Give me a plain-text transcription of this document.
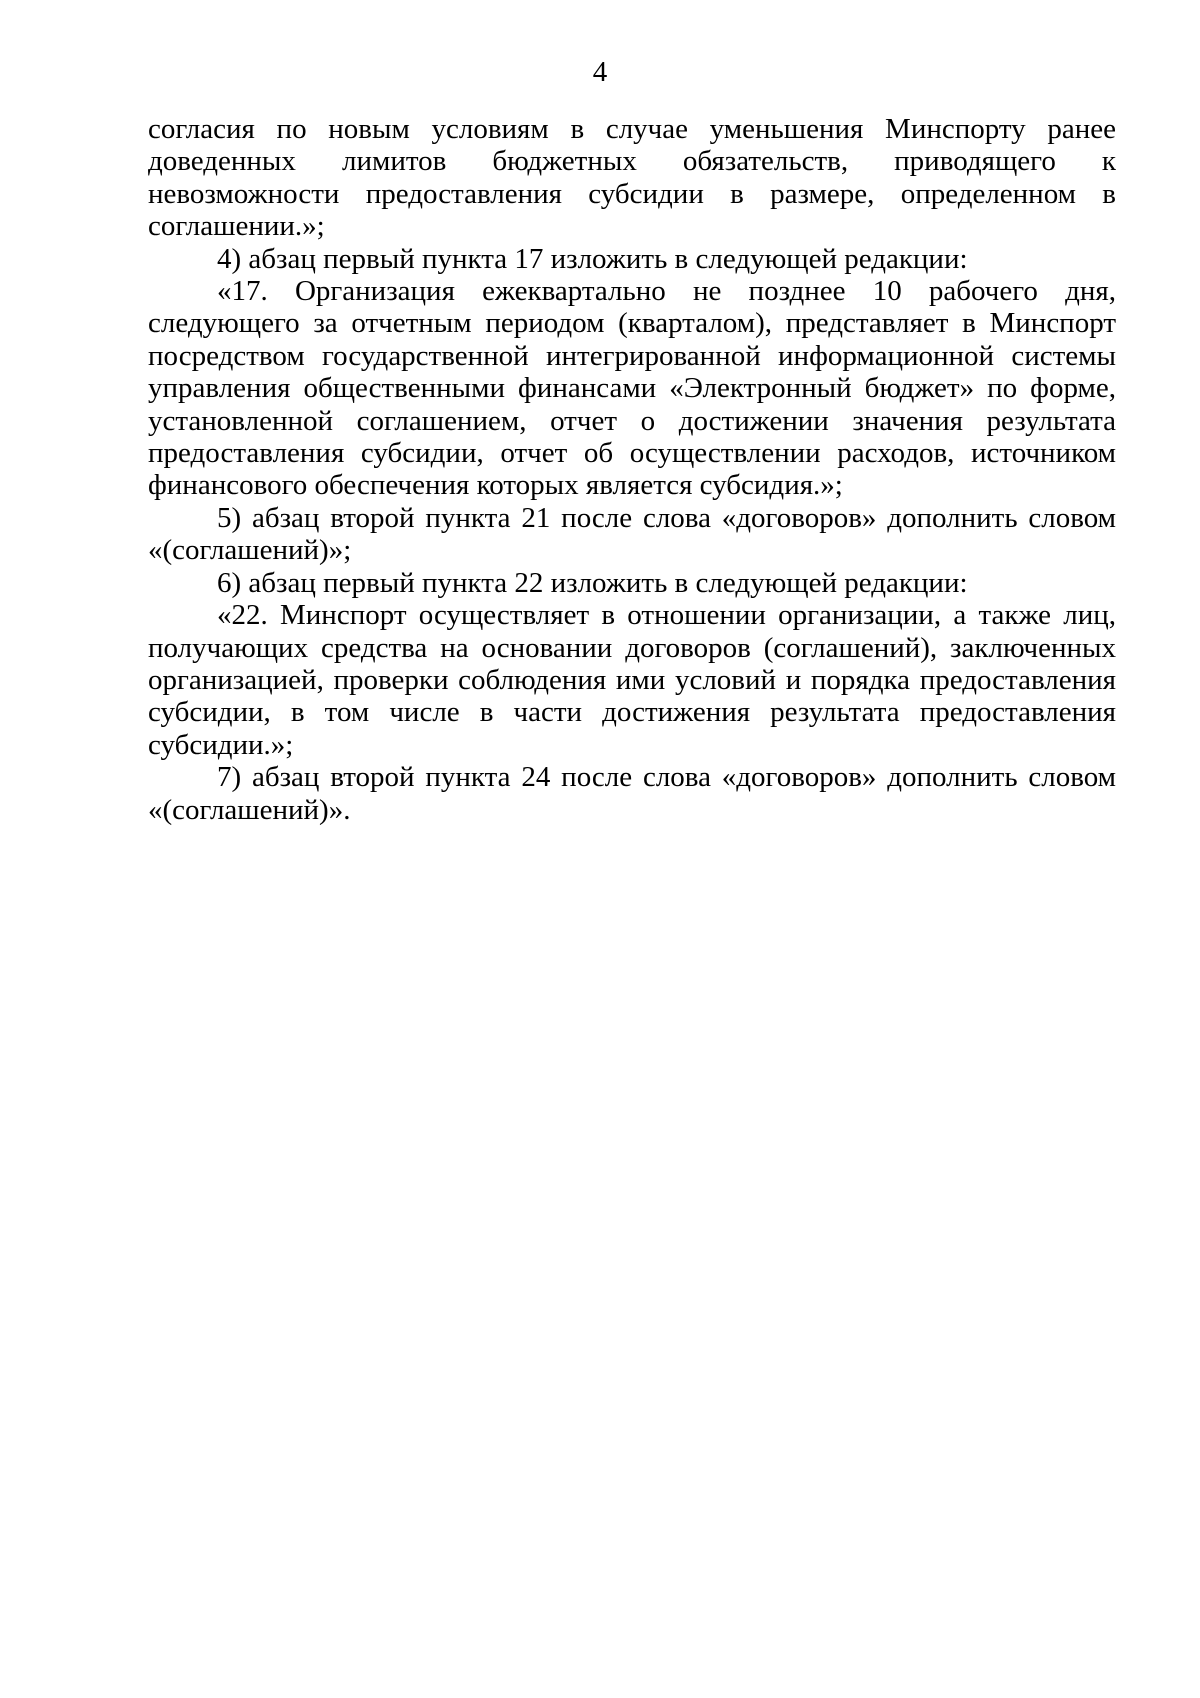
4

согласия по новым условиям в случае уменьшения Минспорту ранее доведенных лимитов бюджетных обязательств, приводящего к невозможности предоставления субсидии в размере, определенном в соглашении.»;

4) абзац первый пункта 17 изложить в следующей редакции:

«17. Организация ежеквартально не позднее 10 рабочего дня, следующего за отчетным периодом (кварталом), представляет в Минспорт посредством государственной интегрированной информационной системы управления общественными финансами «Электронный бюджет» по форме, установленной соглашением, отчет о достижении значения результата предоставления субсидии, отчет об осуществлении расходов, источником финансового обеспечения которых является субсидия.»;

5) абзац второй пункта 21 после слова «договоров» дополнить словом «(соглашений)»;

6) абзац первый пункта 22 изложить в следующей редакции:

«22. Минспорт осуществляет в отношении организации, а также лиц, получающих средства на основании договоров (соглашений), заключенных организацией, проверки соблюдения ими условий и порядка предоставления субсидии, в том числе в части достижения результата предоставления субсидии.»;

7) абзац второй пункта 24 после слова «договоров» дополнить словом «(соглашений)».
